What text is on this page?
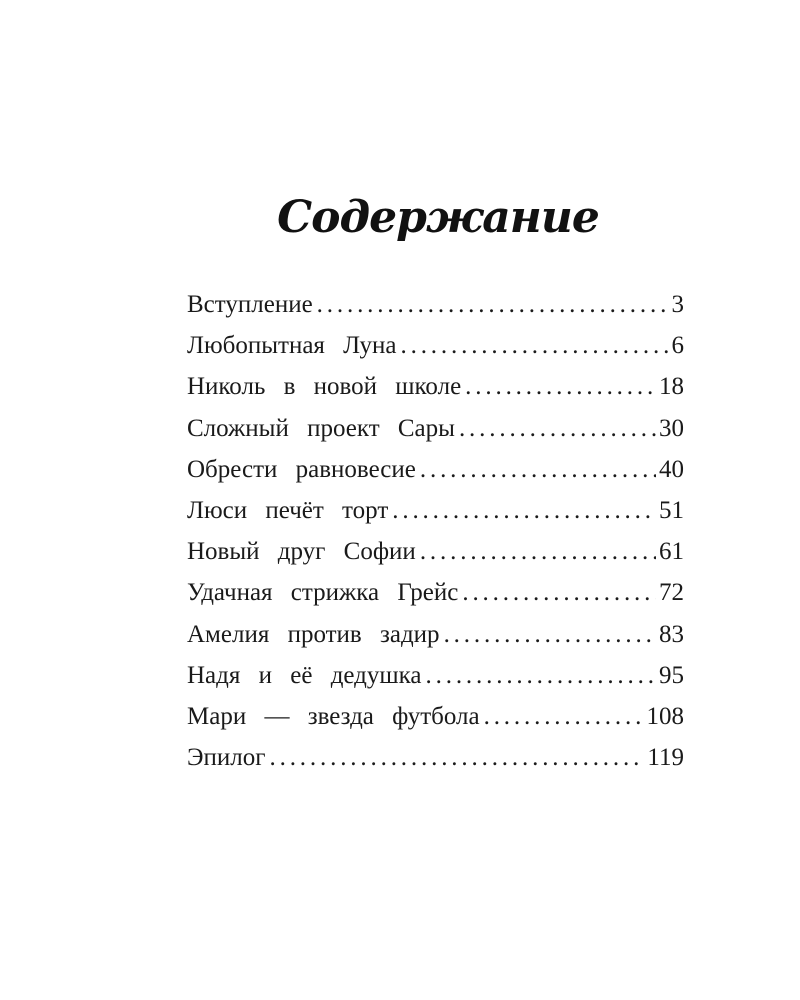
Содержание
Вступление . . .	3
Любопытная Луна . . .	6
Николь в новой школе . . .	18
Сложный проект Сары . . .	30
Обрести равновесие . . .	40
Люси печёт торт . . .	51
Новый друг Софии . . .	61
Удачная стрижка Грейс . . .	72
Амелия против задир . . .	83
Надя и её дедушка . . .	95
Мари — звезда футбола . . .	108
Эпилог . . .	119
